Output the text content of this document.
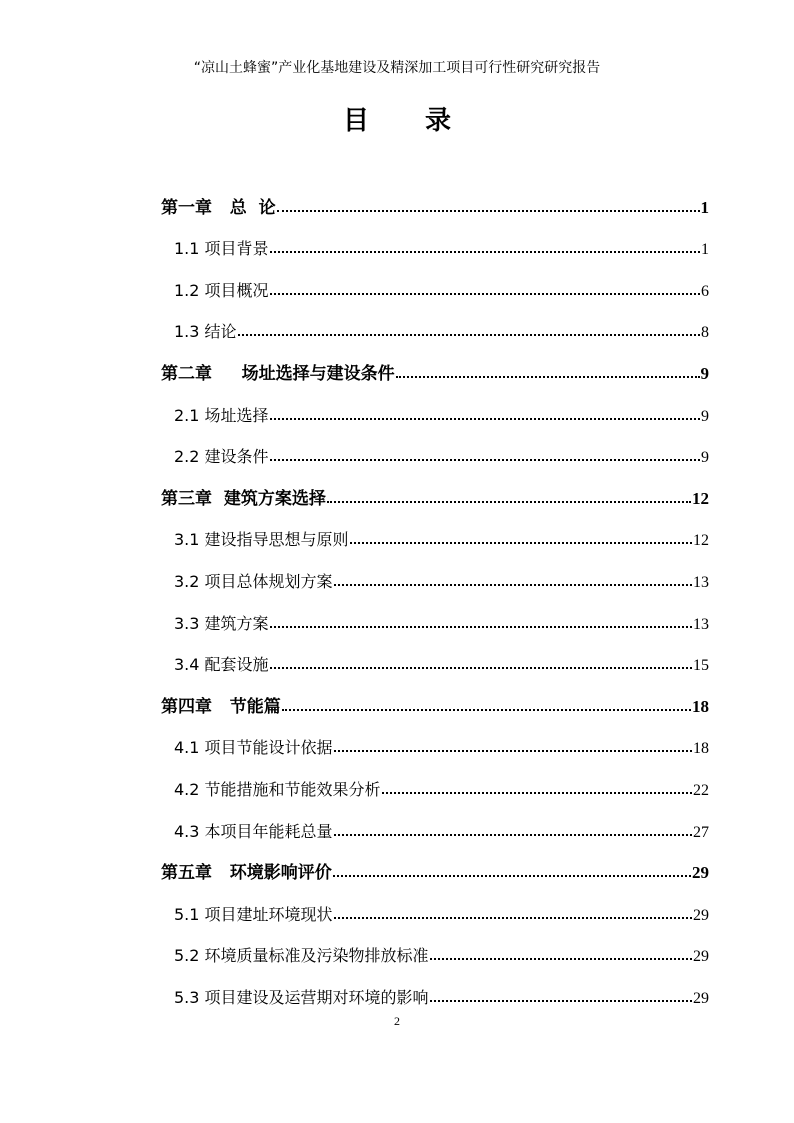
“凉山土蜂蜜”产业化基地建设及精深加工项目可行性研究研究报告
目 录
第一章   总  论	1
1.1 项目背景	1
1.2 项目概况	6
1.3 结论	8
第二章     场址选择与建设条件	9
2.1 场址选择	9
2.2 建设条件	9
第三章  建筑方案选择	12
3.1 建设指导思想与原则	12
3.2 项目总体规划方案	13
3.3 建筑方案	13
3.4 配套设施	15
第四章   节能篇	18
4.1 项目节能设计依据	18
4.2 节能措施和节能效果分析	22
4.3 本项目年能耗总量	27
第五章   环境影响评价	29
5.1 项目建址环境现状	29
5.2 环境质量标准及污染物排放标准	29
5.3 项目建设及运营期对环境的影响	29
2
